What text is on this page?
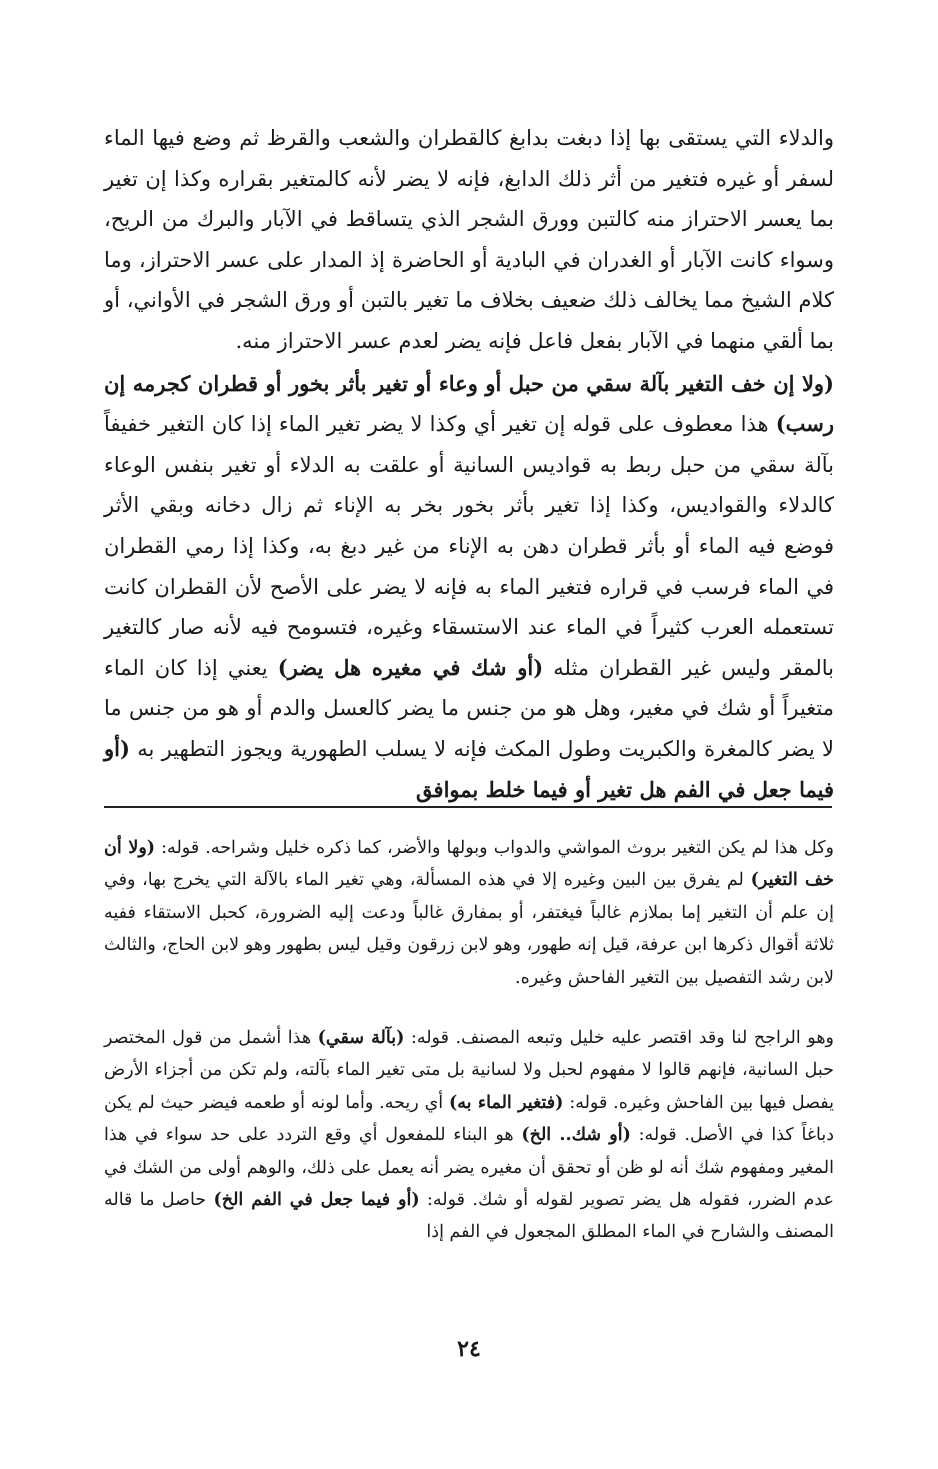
والدلاء التي يستقى بها إذا دبغت بدابغ كالقطران والشعب والقرظ ثم وضع فيها الماء لسفر أو غيره فتغير من أثر ذلك الدابغ، فإنه لا يضر لأنه كالمتغير بقراره وكذا إن تغير بما يعسر الاحتراز منه كالتبن وورق الشجر الذي يتساقط في الآبار والبرك من الريح، وسواء كانت الآبار أو الغدران في البادية أو الحاضرة إذ المدار على عسر الاحتراز، وما كلام الشيخ مما يخالف ذلك ضعيف بخلاف ما تغير بالتبن أو ورق الشجر في الأواني، أو بما ألقي منهما في الآبار بفعل فاعل فإنه يضر لعدم عسر الاحتراز منه.

(ولا إن خف التغير بآلة سقي من حبل أو وعاء أو تغير بأثر بخور أو قطران كجرمه إن رسب) هذا معطوف على قوله إن تغير أي وكذا لا يضر تغير الماء إذا كان التغير خفيفاً بآلة سقي من حبل ربط به قواديس السانية أو علقت به الدلاء أو تغير بنفس الوعاء كالدلاء والقواديس، وكذا إذا تغير بأثر بخور بخر به الإناء ثم زال دخانه وبقي الأثر فوضع فيه الماء أو بأثر قطران دهن به الإناء من غير دبغ به، وكذا إذا رمي القطران في الماء فرسب في قراره فتغير الماء به فإنه لا يضر على الأصح لأن القطران كانت تستعمله العرب كثيراً في الماء عند الاستسقاء وغيره، فتسومح فيه لأنه صار كالتغير بالمقر وليس غير القطران مثله (أو شك في مغيره هل يضر) يعني إذا كان الماء متغيراً أو شك في مغير، وهل هو من جنس ما يضر كالعسل والدم أو هو من جنس ما لا يضر كالمغرة والكبريت وطول المكث فإنه لا يسلب الطهورية ويجوز التطهير به (أو فيما جعل في الفم هل تغير أو فيما خلط بموافق

وكل هذا لم يكن التغير بروث المواشي والدواب وبولها والأضر، كما ذكره خليل وشراحه. قوله: (ولا أن خف التغير) لم يفرق بين البين وغيره إلا في هذه المسألة، وهي تغير الماء بالآلة التي يخرج بها، وفي إن علم أن التغير إما بملازم غالباً فيغتفر، أو بمفارق غالباً ودعت إليه الضرورة، كحبل الاستقاء ففيه ثلاثة أقوال ذكرها ابن عرفة، قيل إنه طهور، وهو لابن زرقون وقيل ليس بطهور وهو لابن الحاج، والثالث لابن رشد التفصيل بين التغير الفاحش وغيره.

وهو الراجح لنا وقد اقتصر عليه خليل وتبعه المصنف. قوله: (بآلة سقي) هذا أشمل من قول المختصر حبل السانية، فإنهم قالوا لا مفهوم لحبل ولا لسانية بل متى تغير الماء بآلته، ولم تكن من أجزاء الأرض يفصل فيها بين الفاحش وغيره. قوله: (فتغير الماء به) أي ريحه. وأما لونه أو طعمه فيضر حيث لم يكن دباغاً كذا في الأصل. قوله: (أو شك.. الخ) هو البناء للمفعول أي وقع التردد على حد سواء في هذا المغير ومفهوم شك أنه لو ظن أو تحقق أن مغيره يضر أنه يعمل على ذلك، والوهم أولى من الشك في عدم الضرر، فقوله هل يضر تصوير لقوله أو شك. قوله: (أو فيما جعل في الفم الخ) حاصل ما قاله المصنف والشارح في الماء المطلق المجعول في الفم إذا

٢٤
